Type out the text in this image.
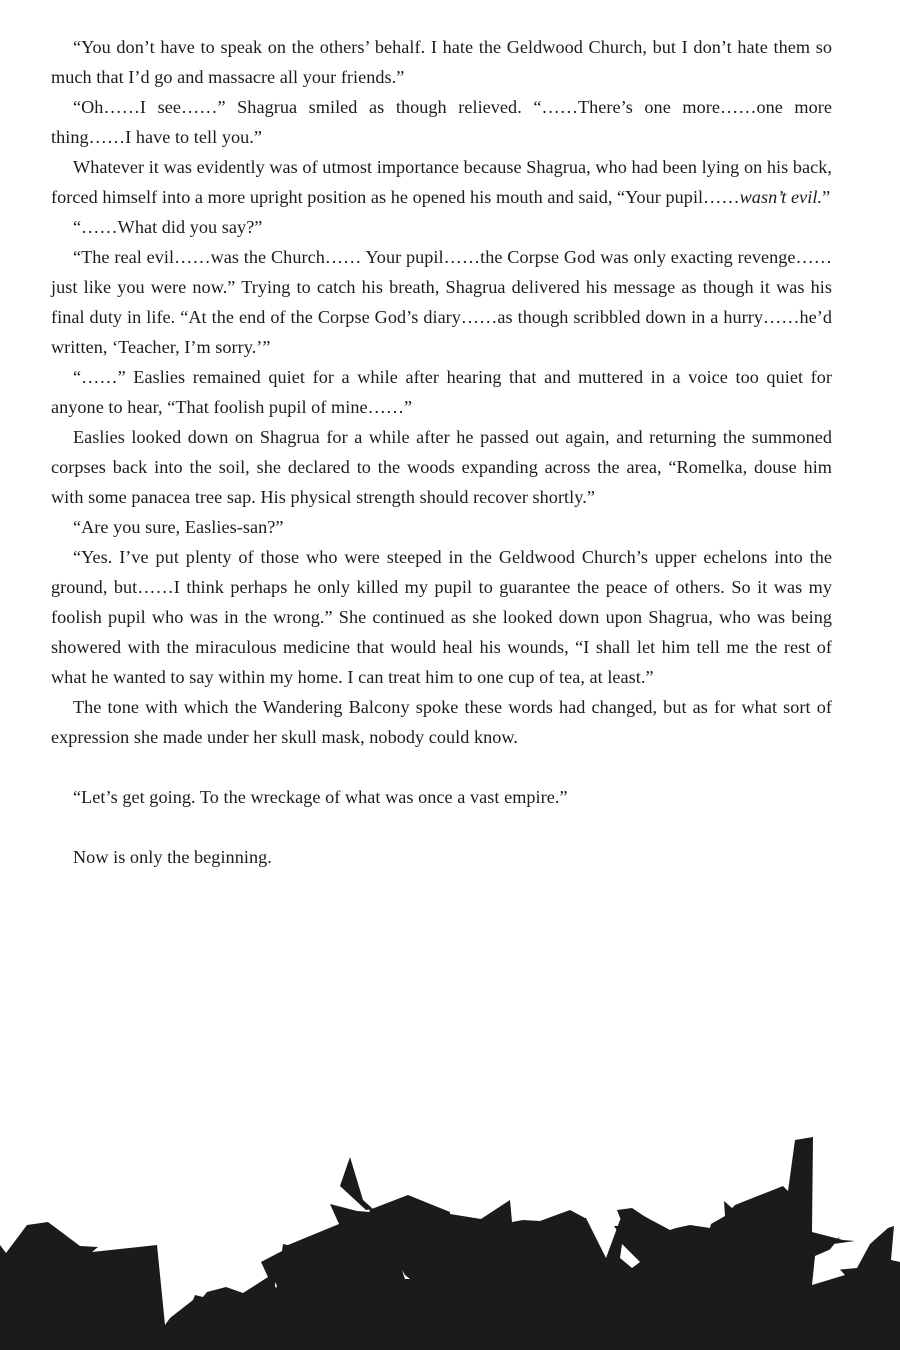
“You don’t have to speak on the others’ behalf. I hate the Geldwood Church, but I don’t hate them so much that I’d go and massacre all your friends.”

“Oh……I see……” Shagrua smiled as though relieved. “……There’s one more……one more thing……I have to tell you.”

Whatever it was evidently was of utmost importance because Shagrua, who had been lying on his back, forced himself into a more upright position as he opened his mouth and said, “Your pupil……wasn’t evil.”

“……What did you say?”

“The real evil……was the Church…… Your pupil……the Corpse God was only exacting revenge……just like you were now.” Trying to catch his breath, Shagrua delivered his message as though it was his final duty in life. “At the end of the Corpse God’s diary……as though scribbled down in a hurry……he’d written, ‘Teacher, I’m sorry.’”

“……” Easlies remained quiet for a while after hearing that and muttered in a voice too quiet for anyone to hear, “That foolish pupil of mine……”

Easlies looked down on Shagrua for a while after he passed out again, and returning the summoned corpses back into the soil, she declared to the woods expanding across the area, “Romelka, douse him with some panacea tree sap. His physical strength should recover shortly.”

“Are you sure, Easlies-san?”

“Yes. I’ve put plenty of those who were steeped in the Geldwood Church’s upper echelons into the ground, but……I think perhaps he only killed my pupil to guarantee the peace of others. So it was my foolish pupil who was in the wrong.” She continued as she looked down upon Shagrua, who was being showered with the miraculous medicine that would heal his wounds, “I shall let him tell me the rest of what he wanted to say within my home. I can treat him to one cup of tea, at least.”

The tone with which the Wandering Balcony spoke these words had changed, but as for what sort of expression she made under her skull mask, nobody could know.

“Let’s get going. To the wreckage of what was once a vast empire.”

Now is only the beginning.
